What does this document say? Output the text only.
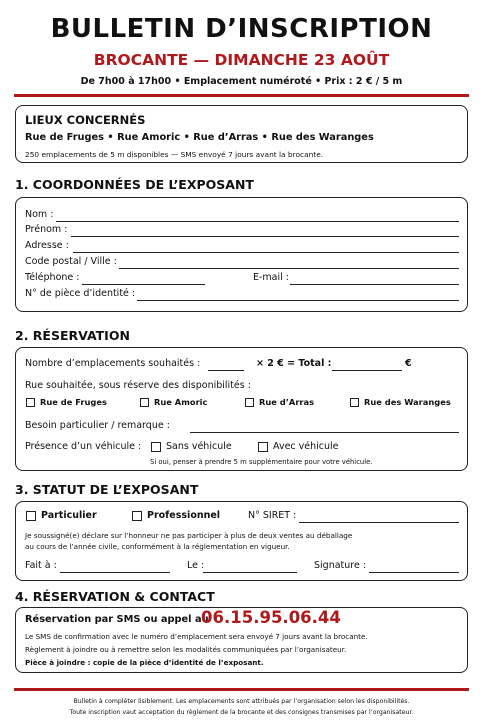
BULLETIN D’INSCRIPTION
BROCANTE — DIMANCHE 23 AOÛT
De 7h00 à 17h00 • Emplacement numéroté • Prix : 2 € / 5 m
LIEUX CONCERNÉS
Rue de Fruges • Rue Amoric • Rue d’Arras • Rue des Waranges
250 emplacements de 5 m disponibles — SMS envoyé 7 jours avant la brocante.
1. COORDONNÉES DE L’EXPOSANT
Nom :
Prénom :
Adresse :
Code postal / Ville :
Téléphone :	E-mail :
N° de pièce d’identité :
2. RÉSERVATION
Nombre d’emplacements souhaités :	× 2 € = Total :	€
Rue souhaitée, sous réserve des disponibilités :
Rue de Fruges	Rue Amoric	Rue d’Arras	Rue des Waranges
Besoin particulier / remarque :
Présence d’un véhicule :	Sans véhicule	Avec véhicule
Si oui, penser à prendre 5 m supplémentaire pour votre véhicule.
3. STATUT DE L’EXPOSANT
Particulier	Professionnel	N° SIRET :
Je soussigné(e) déclare sur l’honneur ne pas participer à plus de deux ventes au déballage
au cours de l’année civile, conformément à la réglementation en vigueur.
Fait à :	Le :	Signature :
4. RÉSERVATION & CONTACT
Réservation par SMS ou appel au
06.15.95.06.44
Le SMS de confirmation avec le numéro d’emplacement sera envoyé 7 jours avant la brocante.
Règlement à joindre ou à remettre selon les modalités communiquées par l’organisateur.
Pièce à joindre : copie de la pièce d’identité de l’exposant.
Bulletin à compléter lisiblement. Les emplacements sont attribués par l’organisation selon les disponibilités.
Toute inscription vaut acceptation du règlement de la brocante et des consignes transmises par l’organisateur.
